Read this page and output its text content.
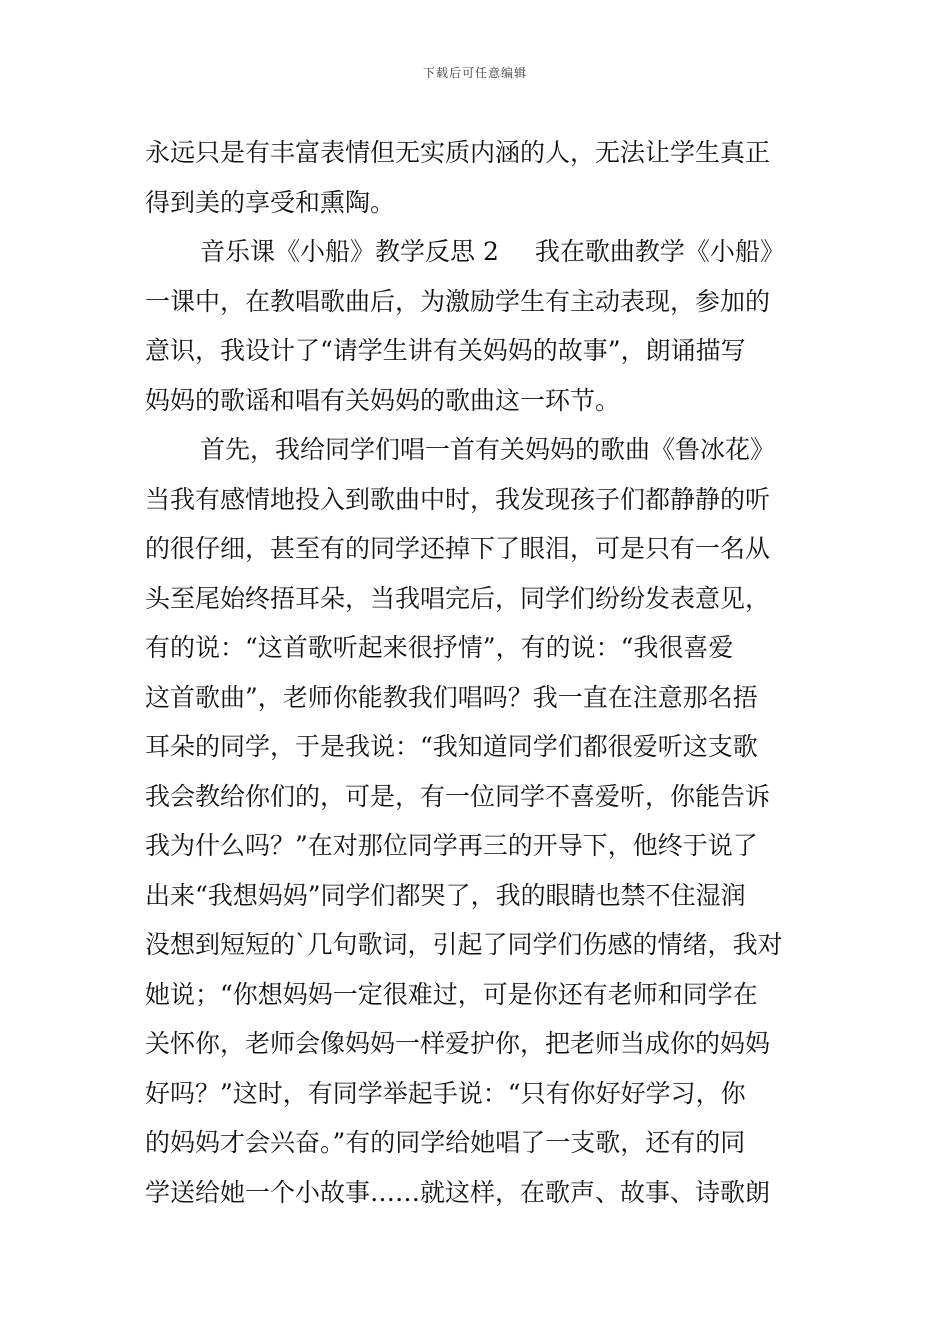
下载后可任意编辑
永远只是有丰富表情但无实质内涵的人，无法让学生真正
得到美的享受和熏陶。
音乐课《小船》教学反思 2 我在歌曲教学《小船》
一课中，在教唱歌曲后，为激励学生有主动表现，参加的
意识，我设计了“请学生讲有关妈妈的故事”，朗诵描写
妈妈的歌谣和唱有关妈妈的歌曲这一环节。
首先，我给同学们唱一首有关妈妈的歌曲《鲁冰花》
当我有感情地投入到歌曲中时，我发现孩子们都静静的听
的很仔细，甚至有的同学还掉下了眼泪，可是只有一名从
头至尾始终捂耳朵，当我唱完后，同学们纷纷发表意见，
有的说：“这首歌听起来很抒情”，有的说：“我很喜爱
这首歌曲”，老师你能教我们唱吗？我一直在注意那名捂
耳朵的同学，于是我说：“我知道同学们都很爱听这支歌
我会教给你们的，可是，有一位同学不喜爱听，你能告诉
我为什么吗？”在对那位同学再三的开导下，他终于说了
出来“我想妈妈”同学们都哭了，我的眼睛也禁不住湿润
没想到短短的`几句歌词，引起了同学们伤感的情绪，我对
她说；“你想妈妈一定很难过，可是你还有老师和同学在
关怀你，老师会像妈妈一样爱护你，把老师当成你的妈妈
好吗？”这时，有同学举起手说：“只有你好好学习，你
的妈妈才会兴奋。”有的同学给她唱了一支歌，还有的同
学送给她一个小故事……就这样，在歌声、故事、诗歌朗
